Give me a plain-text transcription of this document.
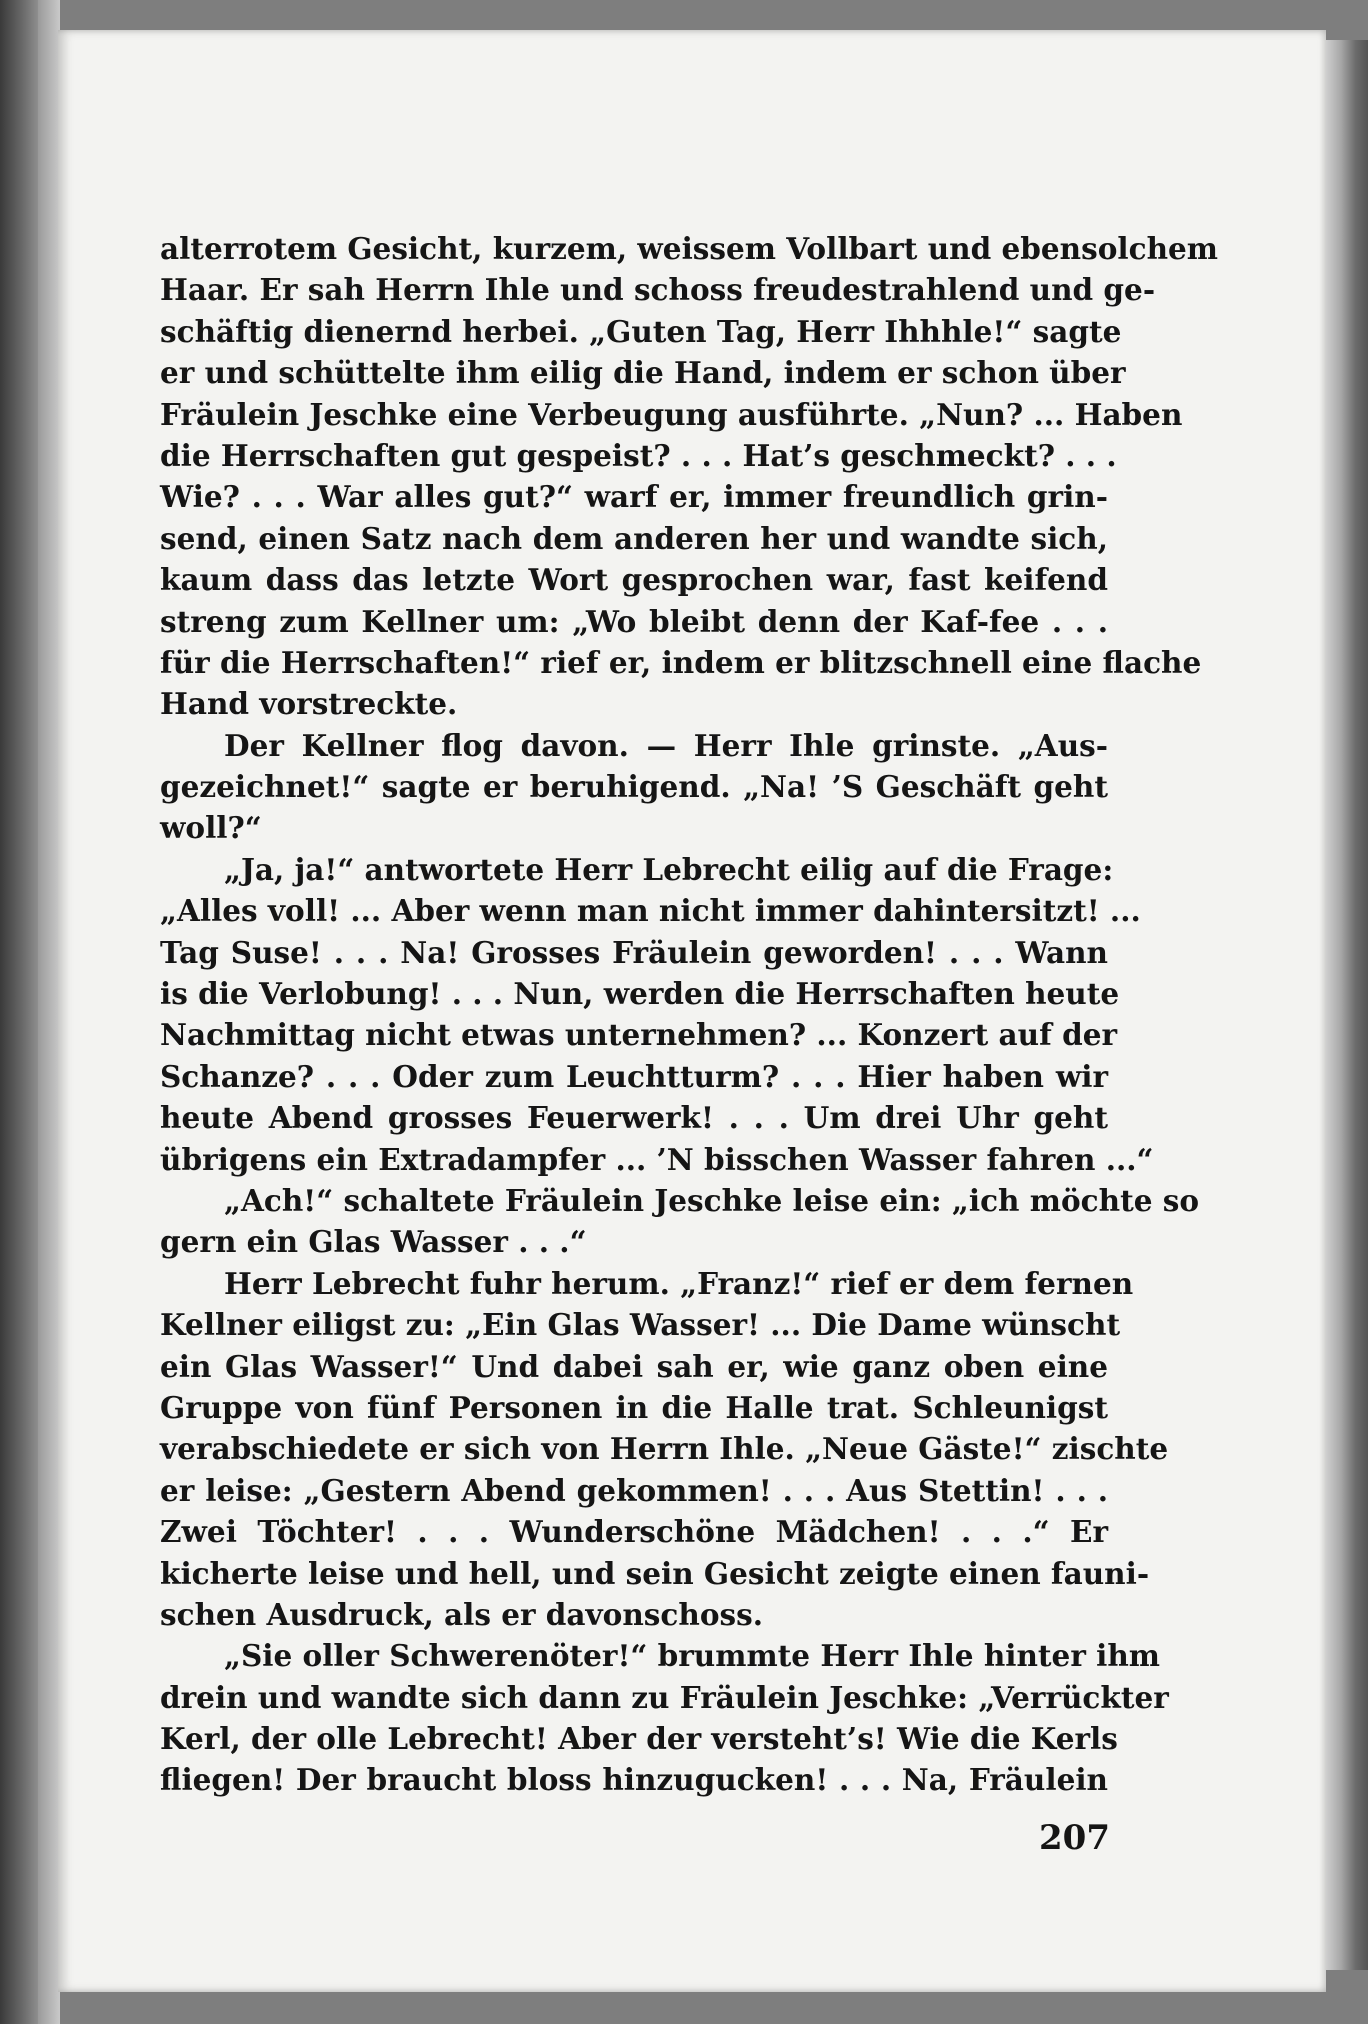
alterrotem Gesicht, kurzem, weissem Vollbart und ebensolchem
Haar. Er sah Herrn Ihle und schoss freudestrahlend und ge-
schäftig dienernd herbei. „Guten Tag, Herr Ihhhle!“ sagte
er und schüttelte ihm eilig die Hand, indem er schon über
Fräulein Jeschke eine Verbeugung ausführte. „Nun? ... Haben
die Herrschaften gut gespeist? . . . Hat’s geschmeckt? . . .
Wie? . . . War alles gut?“ warf er, immer freundlich grin-
send, einen Satz nach dem anderen her und wandte sich,
kaum dass das letzte Wort gesprochen war, fast keifend
streng zum Kellner um: „Wo bleibt denn der Kaf-fee . . .
für die Herrschaften!“ rief er, indem er blitzschnell eine flache
Hand vorstreckte.
Der Kellner flog davon. — Herr Ihle grinste. „Aus-
gezeichnet!“ sagte er beruhigend. „Na! ’S Geschäft geht
woll?“
„Ja, ja!“ antwortete Herr Lebrecht eilig auf die Frage:
„Alles voll! ... Aber wenn man nicht immer dahintersitzt! ...
Tag Suse! . . . Na! Grosses Fräulein geworden! . . . Wann
is die Verlobung! . . . Nun, werden die Herrschaften heute
Nachmittag nicht etwas unternehmen? ... Konzert auf der
Schanze? . . . Oder zum Leuchtturm? . . . Hier haben wir
heute Abend grosses Feuerwerk! . . . Um drei Uhr geht
übrigens ein Extradampfer ... ’N bisschen Wasser fahren ...“
„Ach!“ schaltete Fräulein Jeschke leise ein: „ich möchte so
gern ein Glas Wasser . . .“
Herr Lebrecht fuhr herum. „Franz!“ rief er dem fernen
Kellner eiligst zu: „Ein Glas Wasser! ... Die Dame wünscht
ein Glas Wasser!“ Und dabei sah er, wie ganz oben eine
Gruppe von fünf Personen in die Halle trat. Schleunigst
verabschiedete er sich von Herrn Ihle. „Neue Gäste!“ zischte
er leise: „Gestern Abend gekommen! . . . Aus Stettin! . . .
Zwei Töchter! . . . Wunderschöne Mädchen! . . .“ Er
kicherte leise und hell, und sein Gesicht zeigte einen fauni-
schen Ausdruck, als er davonschoss.
„Sie oller Schwerenöter!“ brummte Herr Ihle hinter ihm
drein und wandte sich dann zu Fräulein Jeschke: „Verrückter
Kerl, der olle Lebrecht! Aber der versteht’s! Wie die Kerls
fliegen! Der braucht bloss hinzugucken! . . . Na, Fräulein
207
